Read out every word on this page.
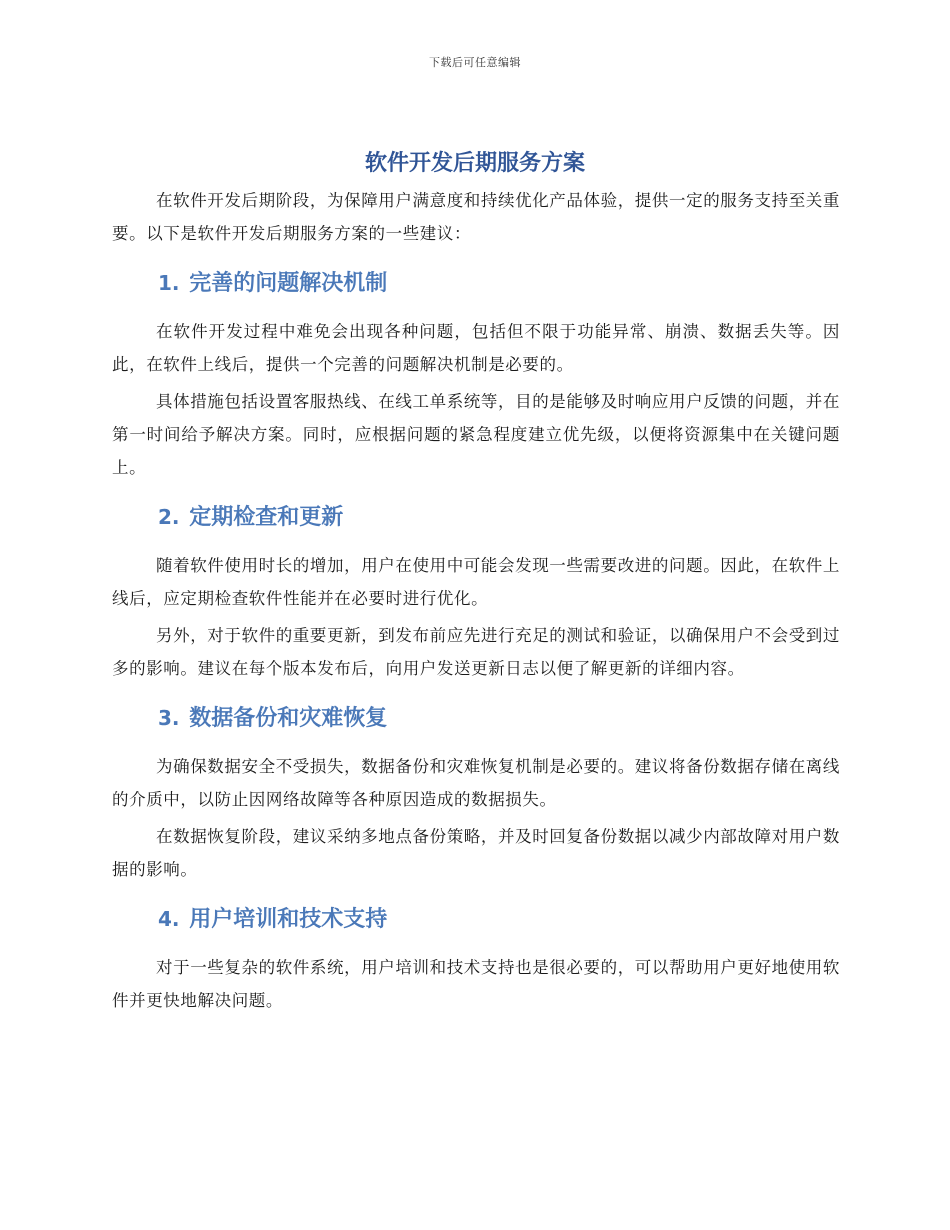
下载后可任意编辑
软件开发后期服务方案

在软件开发后期阶段，为保障用户满意度和持续优化产品体验，提供一定的服务支持至关重要。以下是软件开发后期服务方案的一些建议：

1. 完善的问题解决机制

在软件开发过程中难免会出现各种问题，包括但不限于功能异常、崩溃、数据丢失等。因此，在软件上线后，提供一个完善的问题解决机制是必要的。

具体措施包括设置客服热线、在线工单系统等，目的是能够及时响应用户反馈的问题，并在第一时间给予解决方案。同时，应根据问题的紧急程度建立优先级，以便将资源集中在关键问题上。

2. 定期检查和更新

随着软件使用时长的增加，用户在使用中可能会发现一些需要改进的问题。因此，在软件上线后，应定期检查软件性能并在必要时进行优化。

另外，对于软件的重要更新，到发布前应先进行充足的测试和验证，以确保用户不会受到过多的影响。建议在每个版本发布后，向用户发送更新日志以便了解更新的详细内容。

3. 数据备份和灾难恢复

为确保数据安全不受损失，数据备份和灾难恢复机制是必要的。建议将备份数据存储在离线的介质中，以防止因网络故障等各种原因造成的数据损失。

在数据恢复阶段，建议采纳多地点备份策略，并及时回复备份数据以减少内部故障对用户数据的影响。

4. 用户培训和技术支持

对于一些复杂的软件系统，用户培训和技术支持也是很必要的，可以帮助用户更好地使用软件并更快地解决问题。
